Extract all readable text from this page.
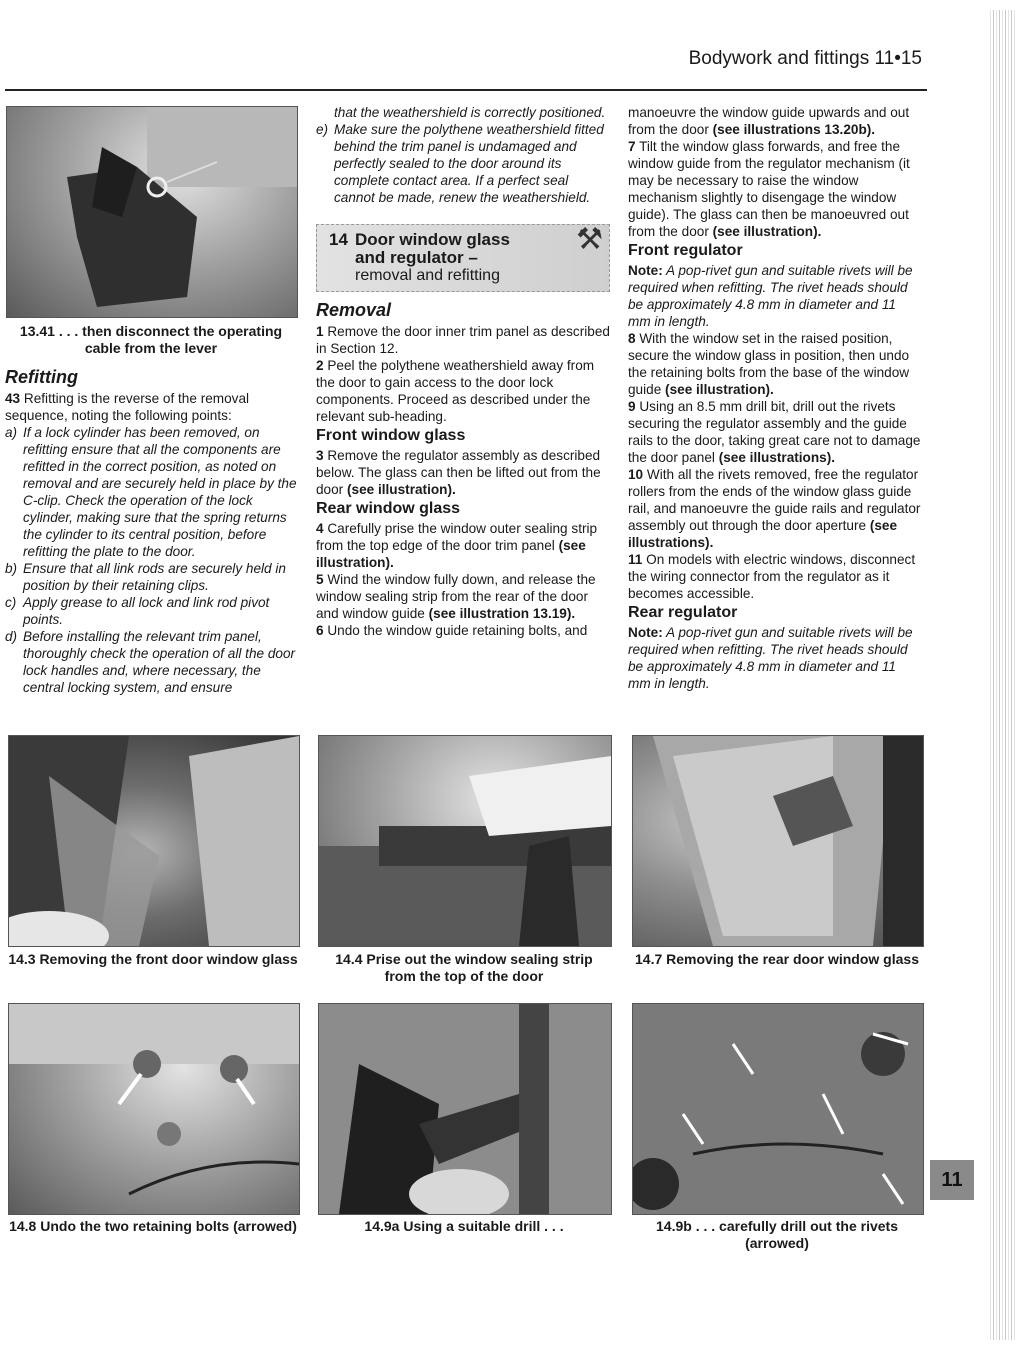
Bodywork and fittings 11•15
11
13.41 . . . then disconnect the operating cable from the lever
Refitting

43 Refitting is the reverse of the removal sequence, noting the following points:

a) If a lock cylinder has been removed, on refitting ensure that all the components are refitted in the correct position, as noted on removal and are securely held in place by the C-clip. Check the operation of the lock cylinder, making sure that the spring returns the cylinder to its central position, before refitting the plate to the door.
b) Ensure that all link rods are securely held in position by their retaining clips.
c) Apply grease to all lock and link rod pivot points.
d) Before installing the relevant trim panel, thoroughly check the operation of all the door lock handles and, where necessary, the central locking system, and ensure
that the weathershield is correctly positioned.
e) Make sure the polythene weathershield fitted behind the trim panel is undamaged and perfectly sealed to the door around its complete contact area. If a perfect seal cannot be made, renew the weathershield.
14 Door window glass
and regulator –
removal and refitting
⚒
Removal

1 Remove the door inner trim panel as described in Section 12.

2 Peel the polythene weathershield away from the door to gain access to the door lock components. Proceed as described under the relevant sub-heading.

Front window glass

3 Remove the regulator assembly as described below. The glass can then be lifted out from the door (see illustration).

Rear window glass

4 Carefully prise the window outer sealing strip from the top edge of the door trim panel (see illustration).

5 Wind the window fully down, and release the window sealing strip from the rear of the door and window guide (see illustration 13.19).

6 Undo the window guide retaining bolts, and

manoeuvre the window guide upwards and out from the door (see illustrations 13.20b).

7 Tilt the window glass forwards, and free the window guide from the regulator mechanism (it may be necessary to raise the window mechanism slightly to disengage the window guide). The glass can then be manoeuvred out from the door (see illustration).

Front regulator

Note: A pop-rivet gun and suitable rivets will be required when refitting. The rivet heads should be approximately 4.8 mm in diameter and 11 mm in length.

8 With the window set in the raised position, secure the window glass in position, then undo the retaining bolts from the base of the window guide (see illustration).

9 Using an 8.5 mm drill bit, drill out the rivets securing the regulator assembly and the guide rails to the door, taking great care not to damage the door panel (see illustrations).

10 With all the rivets removed, free the regulator rollers from the ends of the window glass guide rail, and manoeuvre the guide rails and regulator assembly out through the door aperture (see illustrations).

11 On models with electric windows, disconnect the wiring connector from the regulator as it becomes accessible.

Rear regulator

Note: A pop-rivet gun and suitable rivets will be required when refitting. The rivet heads should be approximately 4.8 mm in diameter and 11 mm in length.

14.3 Removing the front door window glass	14.4 Prise out the window sealing strip from the top of the door
14.7 Removing the rear door window glass
14.8 Undo the two retaining bolts (arrowed)	14.9a Using a suitable drill . . .	14.9b . . . carefully drill out the rivets (arrowed)
